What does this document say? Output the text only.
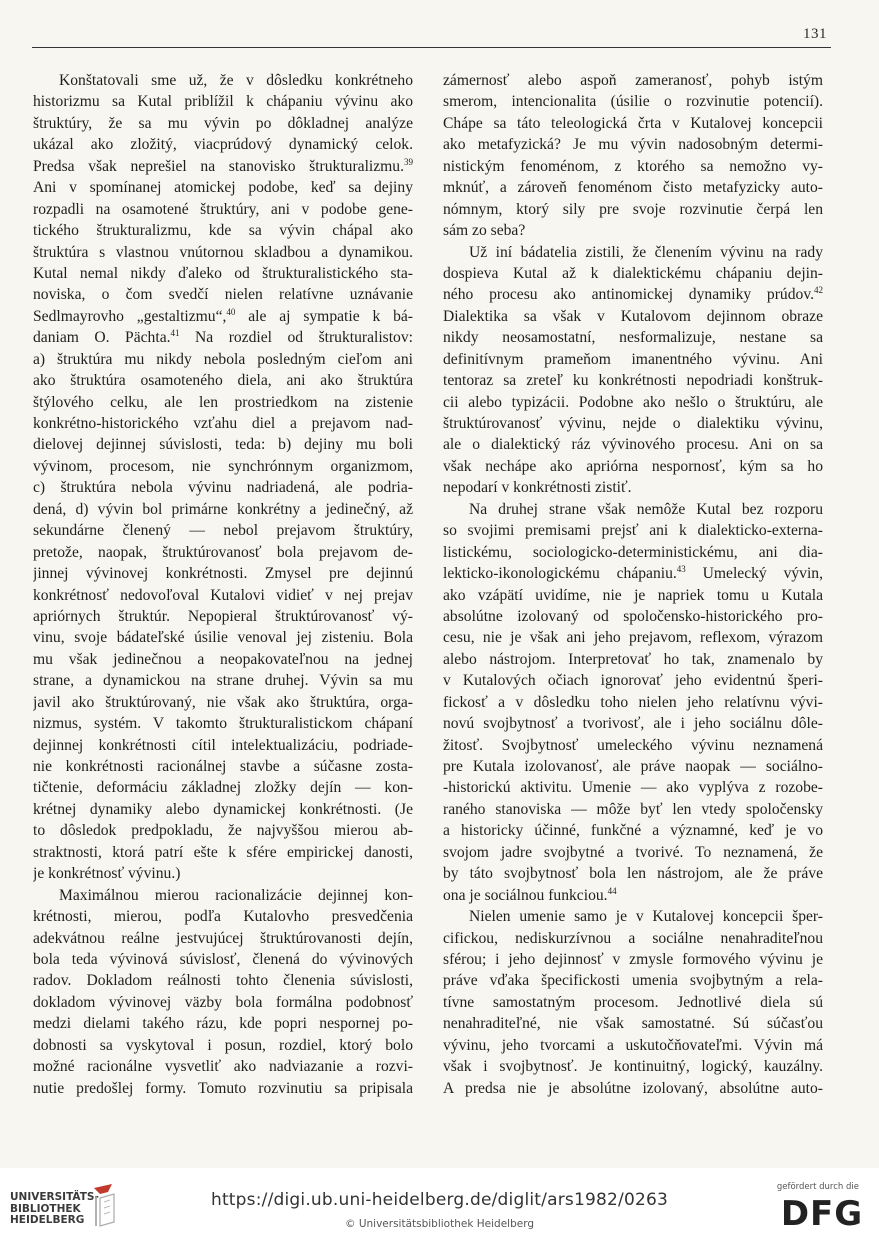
131
Konštatovali sme už, že v dôsledku konkrétneho
historizmu sa Kutal priblížil k chápaniu vývinu ako
štruktúry, že sa mu vývin po dôkladnej analýze
ukázal ako zložitý, viacprúdový dynamický celok.
Predsa však neprešiel na stanovisko štrukturalizmu.$^{39}$
Ani v spomínanej atomickej podobe, keď sa dejiny
rozpadli na osamotené štruktúry, ani v podobe gene-
tického štrukturalizmu, kde sa vývin chápal ako
štruktúra s vlastnou vnútornou skladbou a dynamikou.
Kutal nemal nikdy ďaleko od štrukturalistického sta-
noviska, o čom svedčí nielen relatívne uznávanie
Sedlmayrovho „gestaltizmu“,$^{40}$ ale aj sympatie k bá-
daniam O. Pächta.$^{41}$ Na rozdiel od štrukturalistov:
a) štruktúra mu nikdy nebola posledným cieľom ani
ako štruktúra osamoteného diela, ani ako štruktúra
štýlového celku, ale len prostriedkom na zistenie
konkrétno-historického vzťahu diel a prejavom nad-
dielovej dejinnej súvislosti, teda: b) dejiny mu boli
vývinom, procesom, nie synchrónnym organizmom,
c) štruktúra nebola vývinu nadriadená, ale podria-
dená, d) vývin bol primárne konkrétny a jedinečný, až
sekundárne členený — nebol prejavom štruktúry,
pretože, naopak, štruktúrovanosť bola prejavom de-
jinnej vývinovej konkrétnosti. Zmysel pre dejinnú
konkrétnosť nedovoľoval Kutalovi vidieť v nej prejav
apriórnych štruktúr. Nepopieral štruktúrovanosť vý-
vinu, svoje bádateľské úsilie venoval jej zisteniu. Bola
mu však jedinečnou a neopakovateľnou na jednej
strane, a dynamickou na strane druhej. Vývin sa mu
javil ako štruktúrovaný, nie však ako štruktúra, orga-
nizmus, systém. V takomto štrukturalistickom chápaní
dejinnej konkrétnosti cítil intelektualizáciu, podriade-
nie konkrétnosti racionálnej stavbe a súčasne zosta-
tičtenie, deformáciu základnej zložky dejín — kon-
krétnej dynamiky alebo dynamickej konkrétnosti. (Je
to dôsledok predpokladu, že najvyššou mierou ab-
straktnosti, ktorá patrí ešte k sfére empirickej danosti,
je konkrétnosť vývinu.)
Maximálnou mierou racionalizácie dejinnej kon-
krétnosti, mierou, podľa Kutalovho presvedčenia
adekvátnou reálne jestvujúcej štruktúrovanosti dejín,
bola teda vývinová súvislosť, členená do vývinových
radov. Dokladom reálnosti tohto členenia súvislosti,
dokladom vývinovej väzby bola formálna podobnosť
medzi dielami takého rázu, kde popri nespornej po-
dobnosti sa vyskytoval i posun, rozdiel, ktorý bolo
možné racionálne vysvetliť ako nadviazanie a rozvi-
nutie predošlej formy. Tomuto rozvinutiu sa pripisala
zámernosť alebo aspoň zameranosť, pohyb istým
smerom, intencionalita (úsilie o rozvinutie potencií).
Chápe sa táto teleologická črta v Kutalovej koncepcii
ako metafyzická? Je mu vývin nadosobným determi-
nistickým fenoménom, z ktorého sa nemožno vy-
mknúť, a zároveň fenoménom čisto metafyzicky auto-
nómnym, ktorý sily pre svoje rozvinutie čerpá len
sám zo seba?
Už iní bádatelia zistili, že členením vývinu na rady
dospieva Kutal až k dialektickému chápaniu dejin-
ného procesu ako antinomickej dynamiky prúdov.$^{42}$
Dialektika sa však v Kutalovom dejinnom obraze
nikdy neosamostatní, nesformalizuje, nestane sa
definitívnym prameňom imanentného vývinu. Ani
tentoraz sa zreteľ ku konkrétnosti nepodriadi konštruk-
cii alebo typizácii. Podobne ako nešlo o štruktúru, ale
štruktúrovanosť vývinu, nejde o dialektiku vývinu,
ale o dialektický ráz vývinového procesu. Ani on sa
však nechápe ako apriórna nespornosť, kým sa ho
nepodarí v konkrétnosti zistiť.
Na druhej strane však nemôže Kutal bez rozporu
so svojimi premisami prejsť ani k dialekticko-externa-
listickému, sociologicko-deterministickému, ani dia-
lekticko-ikonologickému chápaniu.$^{43}$ Umelecký vývin,
ako vzápätí uvidíme, nie je napriek tomu u Kutala
absolútne izolovaný od spoločensko-historického pro-
cesu, nie je však ani jeho prejavom, reflexom, výrazom
alebo nástrojom. Interpretovať ho tak, znamenalo by
v Kutalových očiach ignorovať jeho evidentnú šperi-
fickosť a v dôsledku toho nielen jeho relatívnu vývi-
novú svojbytnosť a tvorivosť, ale i jeho sociálnu dôle-
žitosť. Svojbytnosť umeleckého vývinu neznamená
pre Kutala izolovanosť, ale práve naopak — sociálno-
-historickú aktivitu. Umenie — ako vyplýva z rozobe-
raného stanoviska — môže byť len vtedy spoločensky
a historicky účinné, funkčné a významné, keď je vo
svojom jadre svojbytné a tvorivé. To neznamená, že
by táto svojbytnosť bola len nástrojom, ale že práve
ona je sociálnou funkciou.$^{44}$
Nielen umenie samo je v Kutalovej koncepcii šper-
cifickou, nediskurzívnou a sociálne nenahraditeľnou
sférou; i jeho dejinnosť v zmysle formového vývinu je
práve vďaka špecifickosti umenia svojbytným a rela-
tívne samostatným procesom. Jednotlivé diela sú
nenahraditeľné, nie však samostatné. Sú súčasťou
vývinu, jeho tvorcami a uskutočňovateľmi. Vývin má
však i svojbytnosť. Je kontinuitný, logický, kauzálny.
A predsa nie je absolútne izolovaný, absolútne auto-
UNIVERSITÄTS-
BIBLIOTHEK
HEIDELBERG
https://digi.ub.uni-heidelberg.de/diglit/ars1982/0263
© Universitätsbibliothek Heidelberg
gefördert durch die
DFG
